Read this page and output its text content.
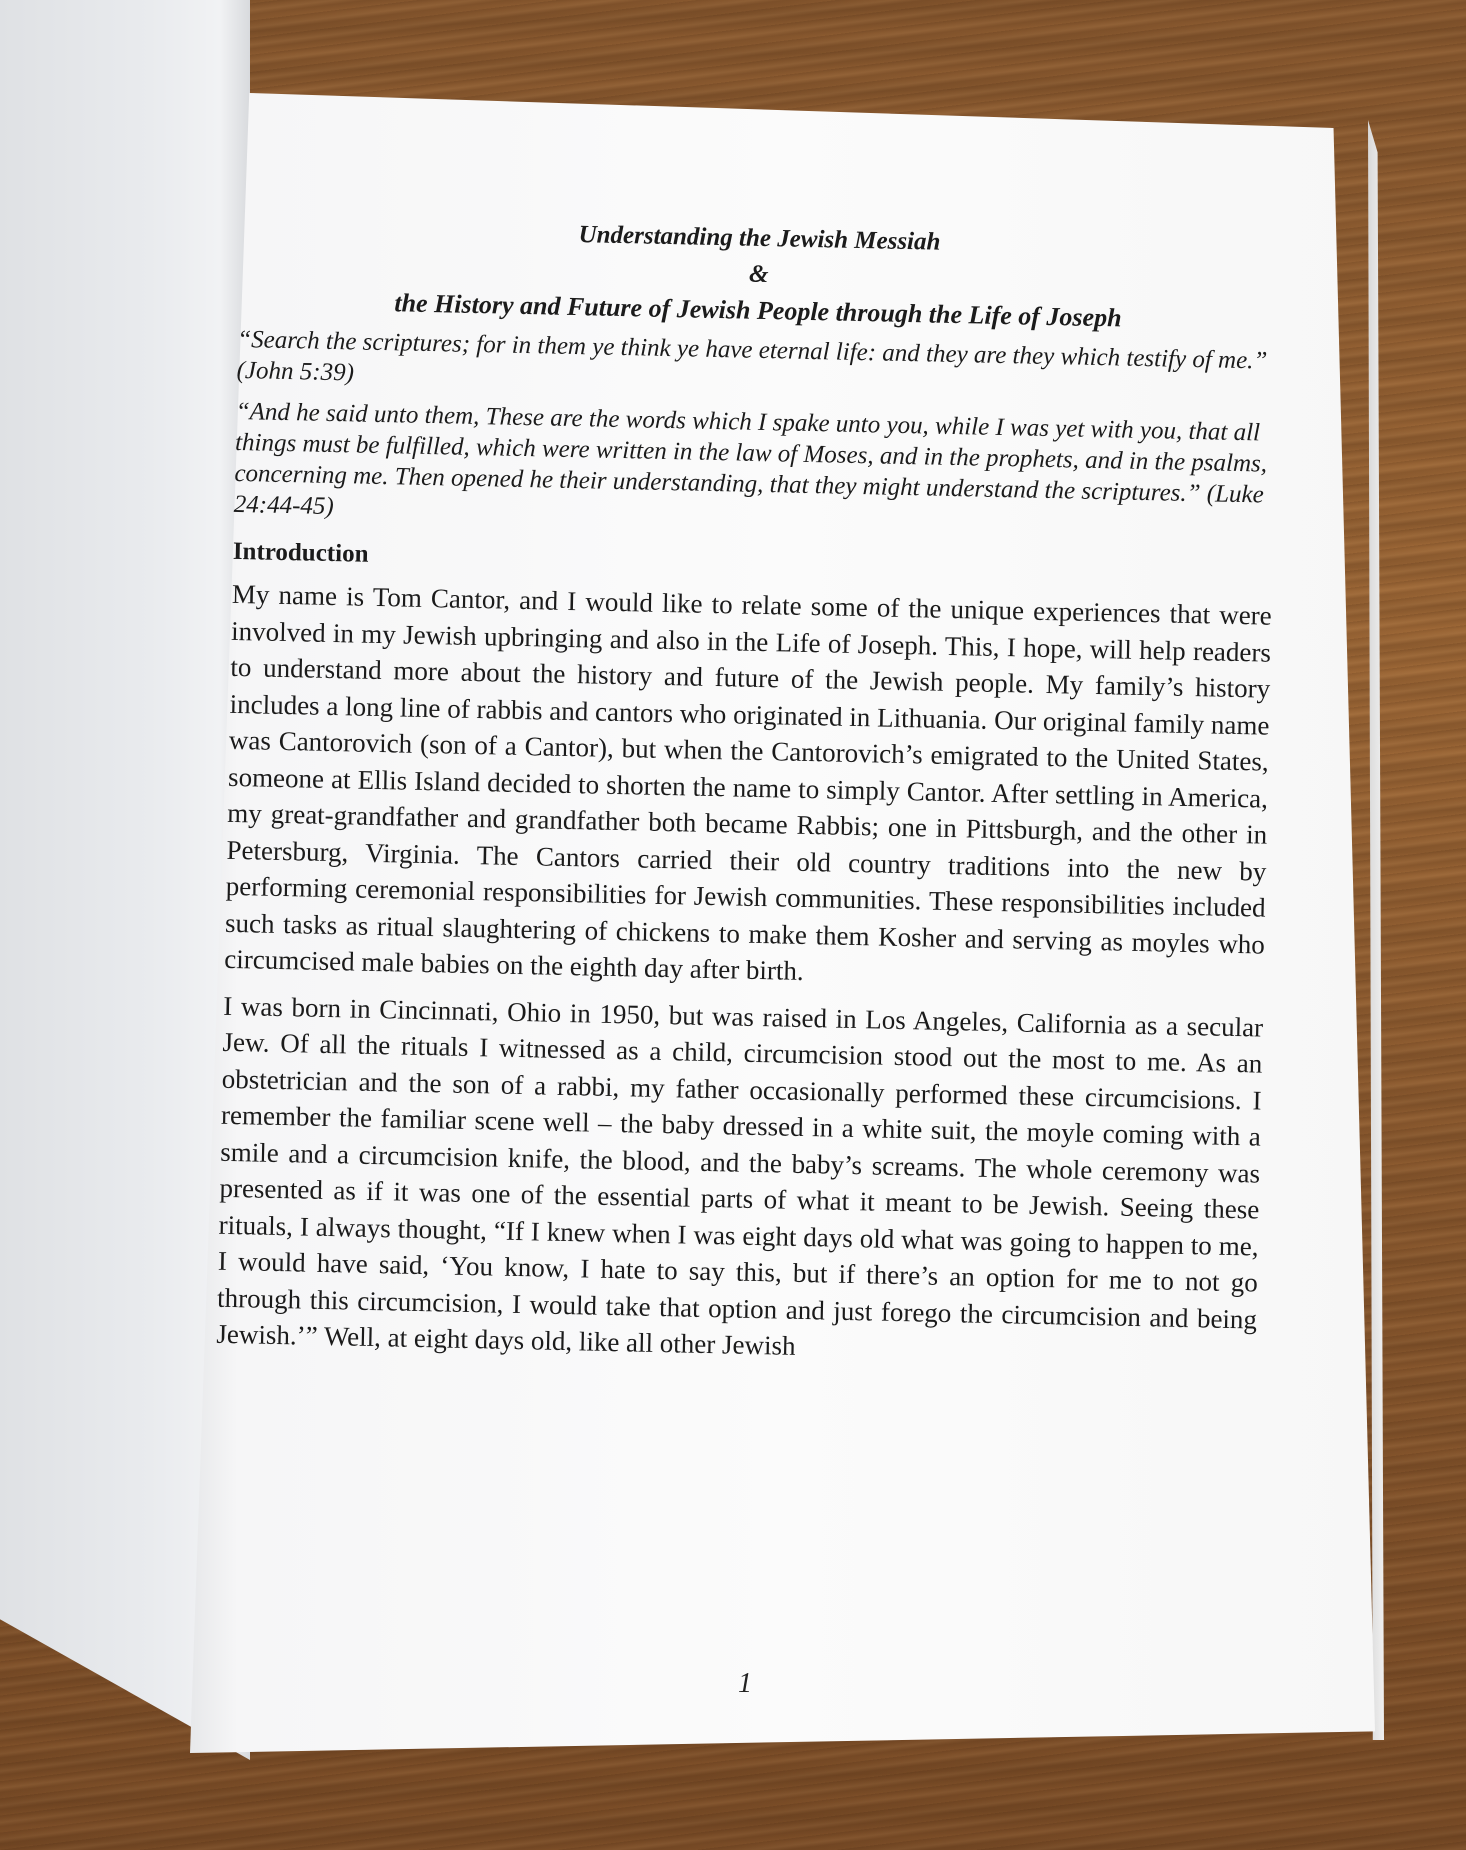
Understanding the Jewish Messiah

&

the History and Future of Jewish People through the Life of Joseph

“Search the scriptures; for in them ye think ye have eternal life: and they are they which testify of me.” (John 5:39)

“And he said unto them, These are the words which I spake unto you, while I was yet with you, that all things must be fulfilled, which were written in the law of Moses, and in the prophets, and in the psalms, concerning me. Then opened he their understanding, that they might understand the scriptures.” (Luke 24:44-45)

Introduction

My name is Tom Cantor, and I would like to relate some of the unique experiences that were involved in my Jewish upbringing and also in the Life of Joseph. This, I hope, will help readers to understand more about the history and future of the Jewish people. My family’s history includes a long line of rabbis and cantors who originated in Lithuania. Our original family name was Cantorovich (son of a Cantor), but when the Cantorovich’s emigrated to the United States, someone at Ellis Island decided to shorten the name to simply Cantor. After settling in America, my great-grandfather and grandfather both became Rabbis; one in Pittsburgh, and the other in Petersburg, Virginia. The Cantors carried their old country traditions into the new by performing ceremonial responsibilities for Jewish communities. These responsibilities included such tasks as ritual slaughtering of chickens to make them Kosher and serving as moyles who circumcised male babies on the eighth day after birth.

I was born in Cincinnati, Ohio in 1950, but was raised in Los Angeles, California as a secular Jew. Of all the rituals I witnessed as a child, circumcision stood out the most to me. As an obstetrician and the son of a rabbi, my father occasionally performed these circumcisions. I remember the familiar scene well – the baby dressed in a white suit, the moyle coming with a smile and a circumcision knife, the blood, and the baby’s screams. The whole ceremony was presented as if it was one of the essential parts of what it meant to be Jewish. Seeing these rituals, I always thought, “If I knew when I was eight days old what was going to happen to me, I would have said, ‘You know, I hate to say this, but if there’s an option for me to not go through this circumcision, I would take that option and just forego the circumcision and being Jewish.’” Well, at eight days old, like all other Jewish

1
